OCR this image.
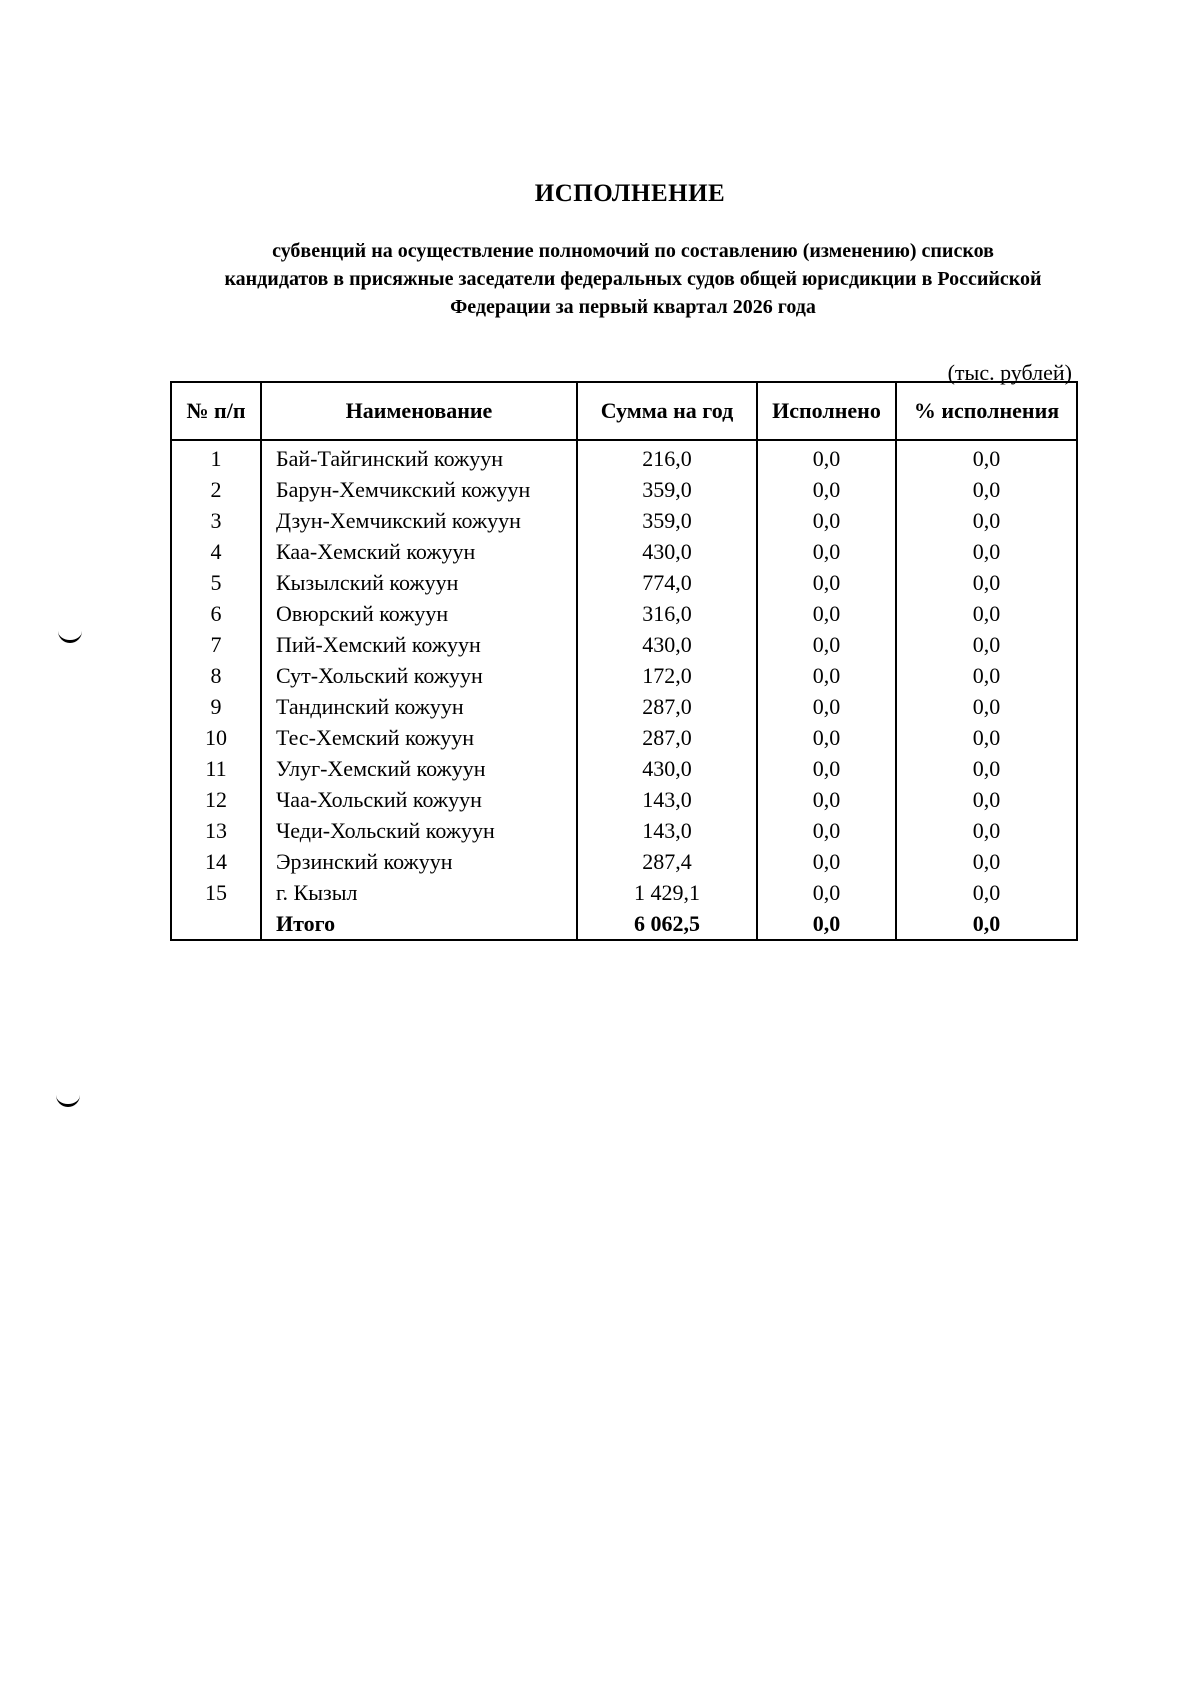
ИСПОЛНЕНИЕ
субвенций на осуществление полномочий по составлению (изменению) списков кандидатов в присяжные заседатели федеральных судов общей юрисдикции в Российской Федерации за первый квартал 2026 года
(тыс. рублей)
№ п/п	Наименование	Сумма на год	Исполнено	% исполнения
1	Бай-Тайгинский кожуун	216,0	0,0	0,0
2	Барун-Хемчикский кожуун	359,0	0,0	0,0
3	Дзун-Хемчикский кожуун	359,0	0,0	0,0
4	Каа-Хемский кожуун	430,0	0,0	0,0
5	Кызылский кожуун	774,0	0,0	0,0
6	Овюрский кожуун	316,0	0,0	0,0
7	Пий-Хемский кожуун	430,0	0,0	0,0
8	Сут-Хольский кожуун	172,0	0,0	0,0
9	Тандинский кожуун	287,0	0,0	0,0
10	Тес-Хемский кожуун	287,0	0,0	0,0
11	Улуг-Хемский кожуун	430,0	0,0	0,0
12	Чаа-Хольский кожуун	143,0	0,0	0,0
13	Чеди-Хольский кожуун	143,0	0,0	0,0
14	Эрзинский кожуун	287,4	0,0	0,0
15	г. Кызыл	1 429,1	0,0	0,0
	Итого	6 062,5	0,0	0,0
